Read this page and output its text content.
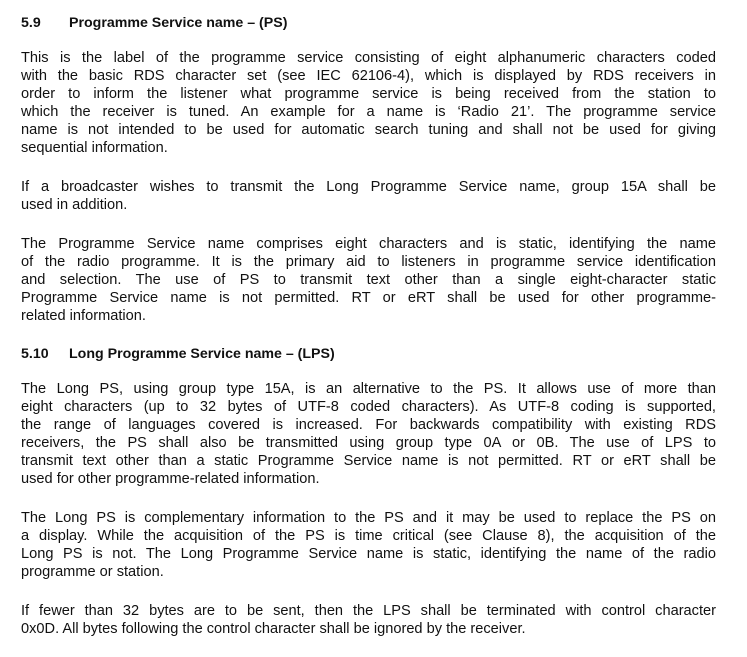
5.9 Programme Service name – (PS)

This is the label of the programme service consisting of eight alphanumeric characters coded
with the basic RDS character set (see IEC 62106-4), which is displayed by RDS receivers in
order to inform the listener what programme service is being received from the station to
which the receiver is tuned. An example for a name is ‘Radio 21’. The programme service
name is not intended to be used for automatic search tuning and shall not be used for giving
sequential information.

If a broadcaster wishes to transmit the Long Programme Service name, group 15A shall be
used in addition.

The Programme Service name comprises eight characters and is static, identifying the name
of the radio programme. It is the primary aid to listeners in programme service identification
and selection. The use of PS to transmit text other than a single eight-character static
Programme Service name is not permitted. RT or eRT shall be used for other programme-
related information.

5.10 Long Programme Service name – (LPS)

The Long PS, using group type 15A, is an alternative to the PS. It allows use of more than
eight characters (up to 32 bytes of UTF-8 coded characters). As UTF-8 coding is supported,
the range of languages covered is increased. For backwards compatibility with existing RDS
receivers, the PS shall also be transmitted using group type 0A or 0B. The use of LPS to
transmit text other than a static Programme Service name is not permitted. RT or eRT shall be
used for other programme-related information.

The Long PS is complementary information to the PS and it may be used to replace the PS on
a display. While the acquisition of the PS is time critical (see Clause 8), the acquisition of the
Long PS is not. The Long Programme Service name is static, identifying the name of the radio
programme or station.

If fewer than 32 bytes are to be sent, then the LPS shall be terminated with control character
0x0D. All bytes following the control character shall be ignored by the receiver.
